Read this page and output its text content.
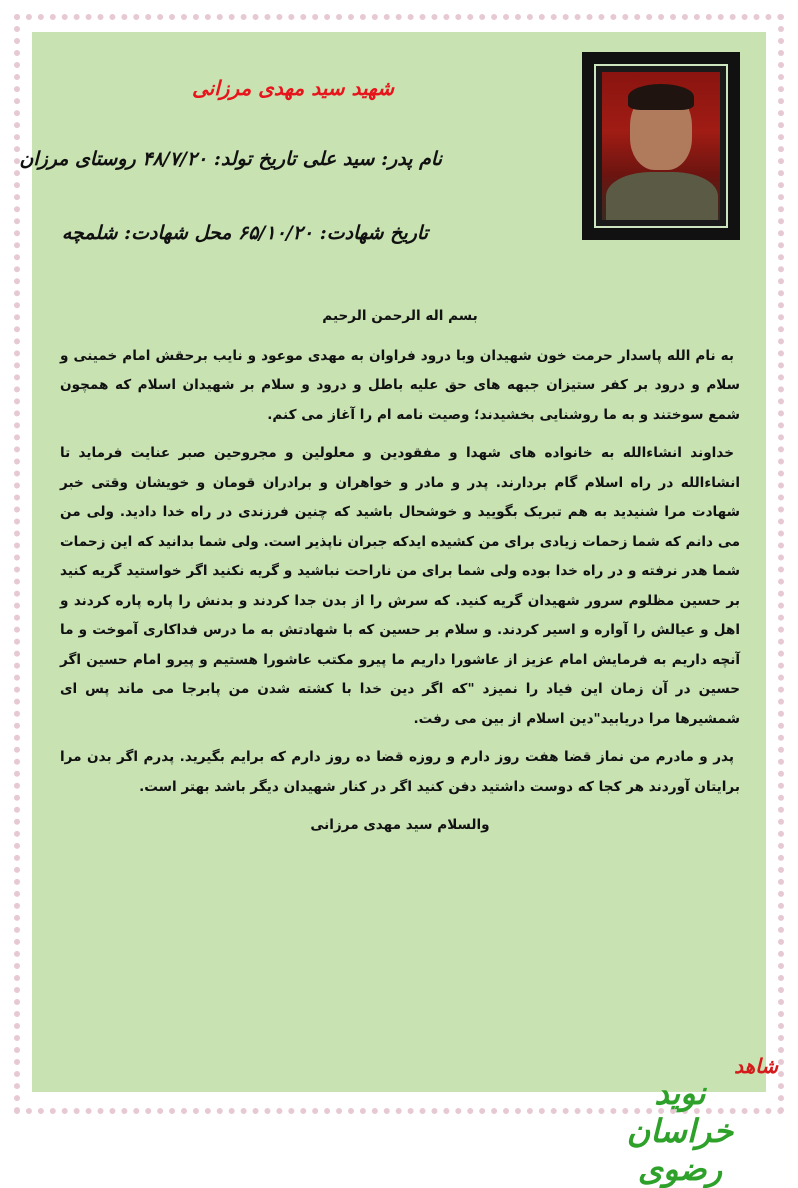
شهید سید مهدی مرزانی
نام پدر: سید علی تاریخ تولد: ۴۸/۷/۲۰ روستای مرزان
تاریخ شهادت: ۶۵/۱۰/۲۰ محل شهادت: شلمچه
بسم اله الرحمن الرحیم

به نام الله پاسدار حرمت خون شهیدان وبا درود فراوان به مهدی موعود و نایب برحقش امام خمینی و سلام و درود بر کفر ستیزان جبهه های حق علیه باطل و درود و سلام بر شهیدان اسلام که همچون شمع سوختند و به ما روشنایی بخشیدند؛ وصیت نامه ام را آغاز می کنم.

خداوند انشاءالله به خانواده های شهدا و مفقودین و معلولین و مجروحین صبر عنایت فرماید تا انشاءالله در راه اسلام گام بردارند. پدر و مادر و خواهران و برادران قومان و خویشان وقتی خبر شهادت مرا شنیدید به هم تبریک بگویید و خوشحال باشید که چنین فرزندی در راه خدا دادید. ولی من می دانم که شما زحمات زیادی برای من کشیده ایدکه جبران ناپذیر است. ولی شما بدانید که این زحمات شما هدر نرفته و در راه خدا بوده ولی شما برای من ناراحت نباشید و گریه نکنید اگر خواستید گریه کنید بر حسین مظلوم سرور شهیدان گریه کنید. که سرش را از بدن جدا کردند و بدنش را پاره پاره کردند و اهل و عیالش را آواره و اسیر کردند. و سلام بر حسین که با شهادتش به ما درس فداکاری آموخت و ما آنچه داریم به فرمایش امام عزیز از عاشورا داریم ما پیرو مکتب عاشورا هستیم و پیرو امام حسین اگر حسین در آن زمان این فیاد را نمیزد "که اگر دین خدا با کشته شدن من پابرجا می ماند پس ای شمشیرها مرا دریابید"دین اسلام از بین می رفت.

پدر و مادرم من نماز قضا هفت روز دارم و روزه قضا ده روز دارم که برایم بگیرید. پدرم اگر بدن مرا برایتان آوردند هر کجا که دوست داشتید دفن کنید اگر در کنار شهیدان دیگر باشد بهتر است.

والسلام سید مهدی مرزانی
شاهد
نوید خراسان رضوی
